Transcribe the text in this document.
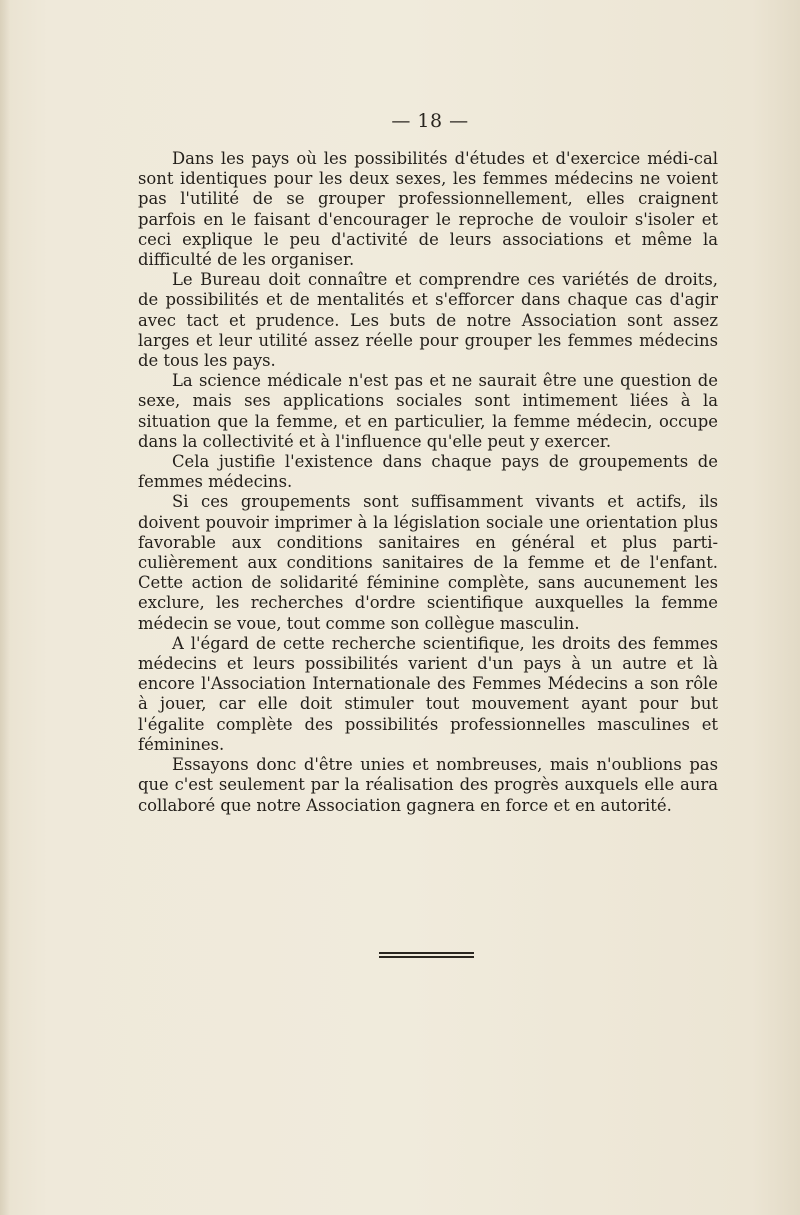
— 18 —

Dans les pays où les possibilités d'études et d'exercice médi-cal sont identiques pour les deux sexes, les femmes médecins ne voient pas l'utilité de se grouper professionnellement, elles craignent parfois en le faisant d'encourager le reproche de vouloir s'isoler et ceci explique le peu d'activité de leurs associations et même la difficulté de les organiser.

Le Bureau doit connaître et comprendre ces variétés de droits, de possibilités et de mentalités et s'efforcer dans chaque cas d'agir avec tact et prudence. Les buts de notre Association sont assez larges et leur utilité assez réelle pour grouper les femmes médecins de tous les pays.

La science médicale n'est pas et ne saurait être une question de sexe, mais ses applications sociales sont intimement liées à la situation que la femme, et en particulier, la femme médecin, occupe dans la collectivité et à l'influence qu'elle peut y exercer.

Cela justifie l'existence dans chaque pays de groupements de femmes médecins.

Si ces groupements sont suffisamment vivants et actifs, ils doivent pouvoir imprimer à la législation sociale une orientation plus favorable aux conditions sanitaires en général et plus parti-culièrement aux conditions sanitaires de la femme et de l'enfant. Cette action de solidarité féminine complète, sans aucunement les exclure, les recherches d'ordre scientifique auxquelles la femme médecin se voue, tout comme son collègue masculin.

A l'égard de cette recherche scientifique, les droits des femmes médecins et leurs possibilités varient d'un pays à un autre et là encore l'Association Internationale des Femmes Médecins a son rôle à jouer, car elle doit stimuler tout mouvement ayant pour but l'égalite complète des possibilités professionnelles masculines et féminines.

Essayons donc d'être unies et nombreuses, mais n'oublions pas que c'est seulement par la réalisation des progrès auxquels elle aura collaboré que notre Association gagnera en force et en autorité.
